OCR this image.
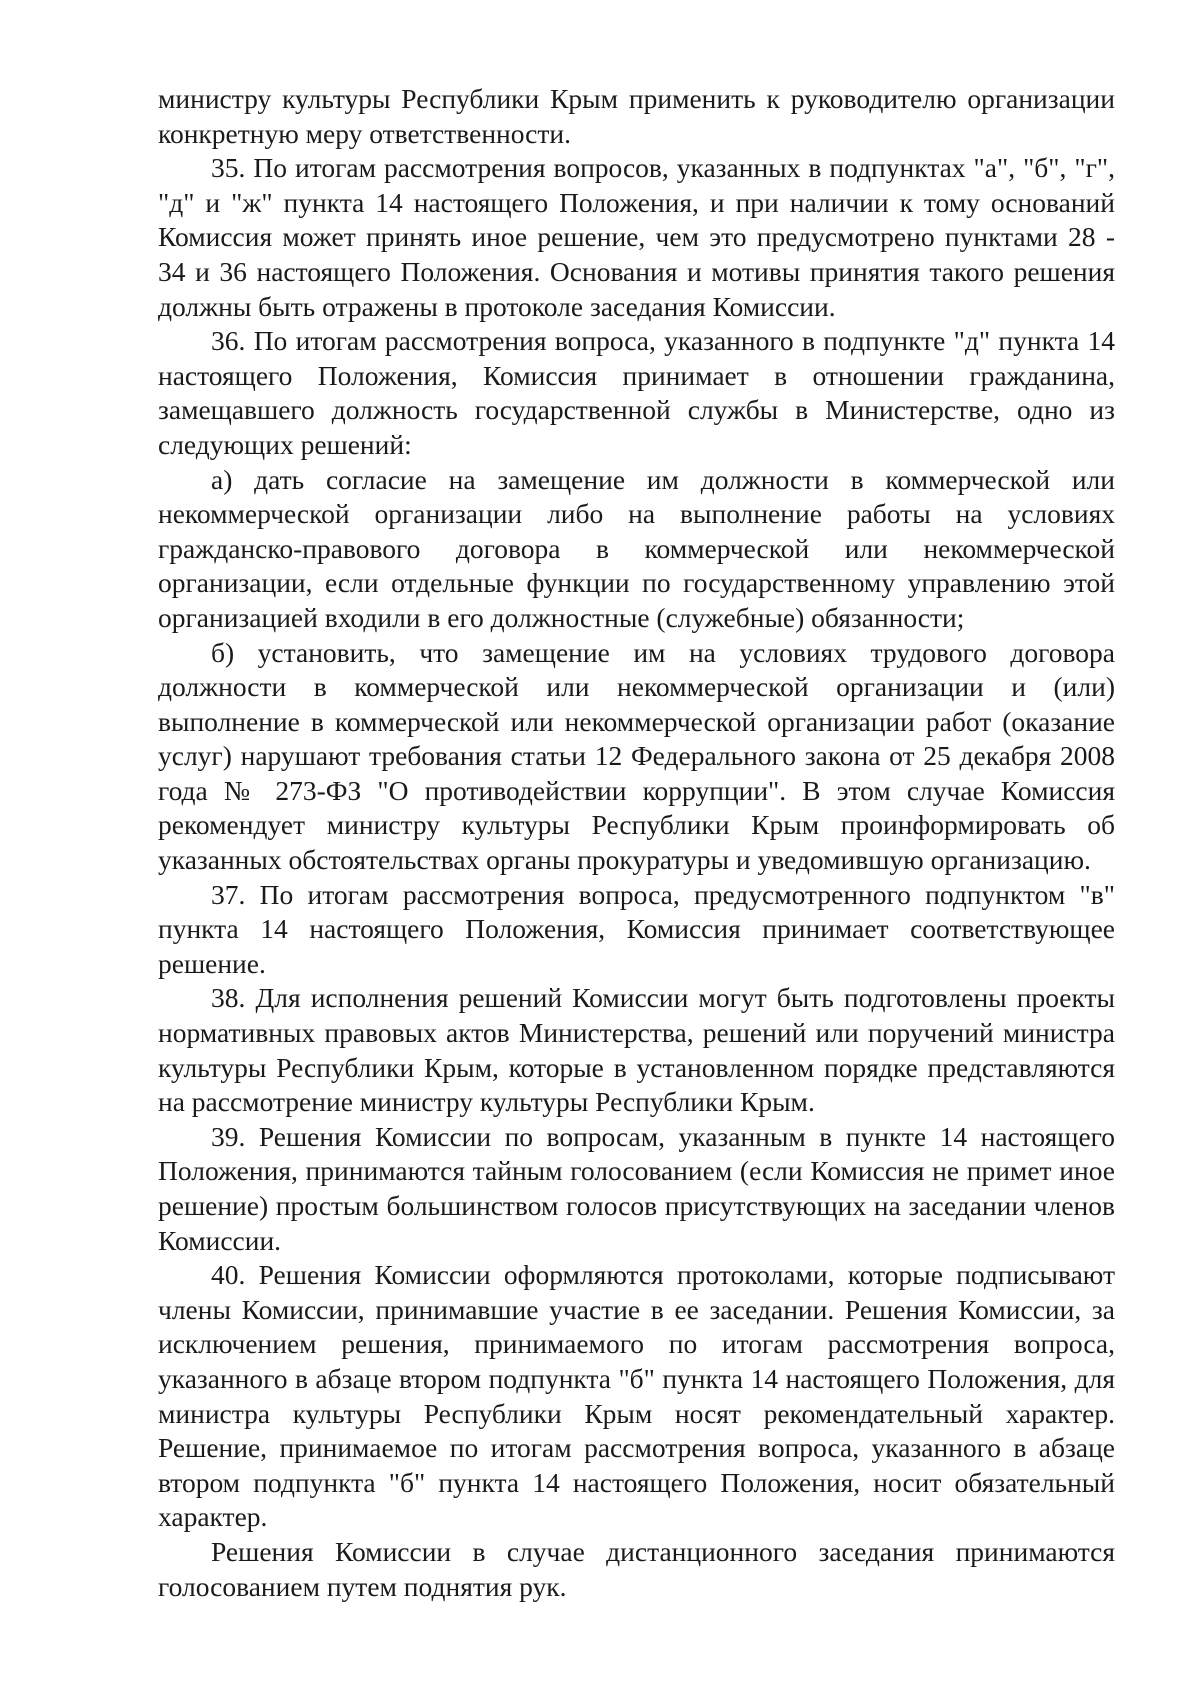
министру культуры Республики Крым применить к руководителю организации конкретную меру ответственности.

35. По итогам рассмотрения вопросов, указанных в подпунктах "а", "б", "г", "д" и "ж" пункта 14 настоящего Положения, и при наличии к тому оснований Комиссия может принять иное решение, чем это предусмотрено пунктами 28 - 34 и 36 настоящего Положения. Основания и мотивы принятия такого решения должны быть отражены в протоколе заседания Комиссии.

36. По итогам рассмотрения вопроса, указанного в подпункте "д" пункта 14 настоящего Положения, Комиссия принимает в отношении гражданина, замещавшего должность государственной службы в Министерстве, одно из следующих решений:

а) дать согласие на замещение им должности в коммерческой или некоммерческой организации либо на выполнение работы на условиях гражданско-правового договора в коммерческой или некоммерческой организации, если отдельные функции по государственному управлению этой организацией входили в его должностные (служебные) обязанности;

б) установить, что замещение им на условиях трудового договора должности в коммерческой или некоммерческой организации и (или) выполнение в коммерческой или некоммерческой организации работ (оказание услуг) нарушают требования статьи 12 Федерального закона от 25 декабря 2008 года № 273-ФЗ "О противодействии коррупции". В этом случае Комиссия рекомендует министру культуры Республики Крым проинформировать об указанных обстоятельствах органы прокуратуры и уведомившую организацию.

37. По итогам рассмотрения вопроса, предусмотренного подпунктом "в" пункта 14 настоящего Положения, Комиссия принимает соответствующее решение.

38. Для исполнения решений Комиссии могут быть подготовлены проекты нормативных правовых актов Министерства, решений или поручений министра культуры Республики Крым, которые в установленном порядке представляются на рассмотрение министру культуры Республики Крым.

39. Решения Комиссии по вопросам, указанным в пункте 14 настоящего Положения, принимаются тайным голосованием (если Комиссия не примет иное решение) простым большинством голосов присутствующих на заседании членов Комиссии.

40. Решения Комиссии оформляются протоколами, которые подписывают члены Комиссии, принимавшие участие в ее заседании. Решения Комиссии, за исключением решения, принимаемого по итогам рассмотрения вопроса, указанного в абзаце втором подпункта "б" пункта 14 настоящего Положения, для министра культуры Республики Крым носят рекомендательный характер. Решение, принимаемое по итогам рассмотрения вопроса, указанного в абзаце втором подпункта "б" пункта 14 настоящего Положения, носит обязательный характер.

Решения Комиссии в случае дистанционного заседания принимаются голосованием путем поднятия рук.
